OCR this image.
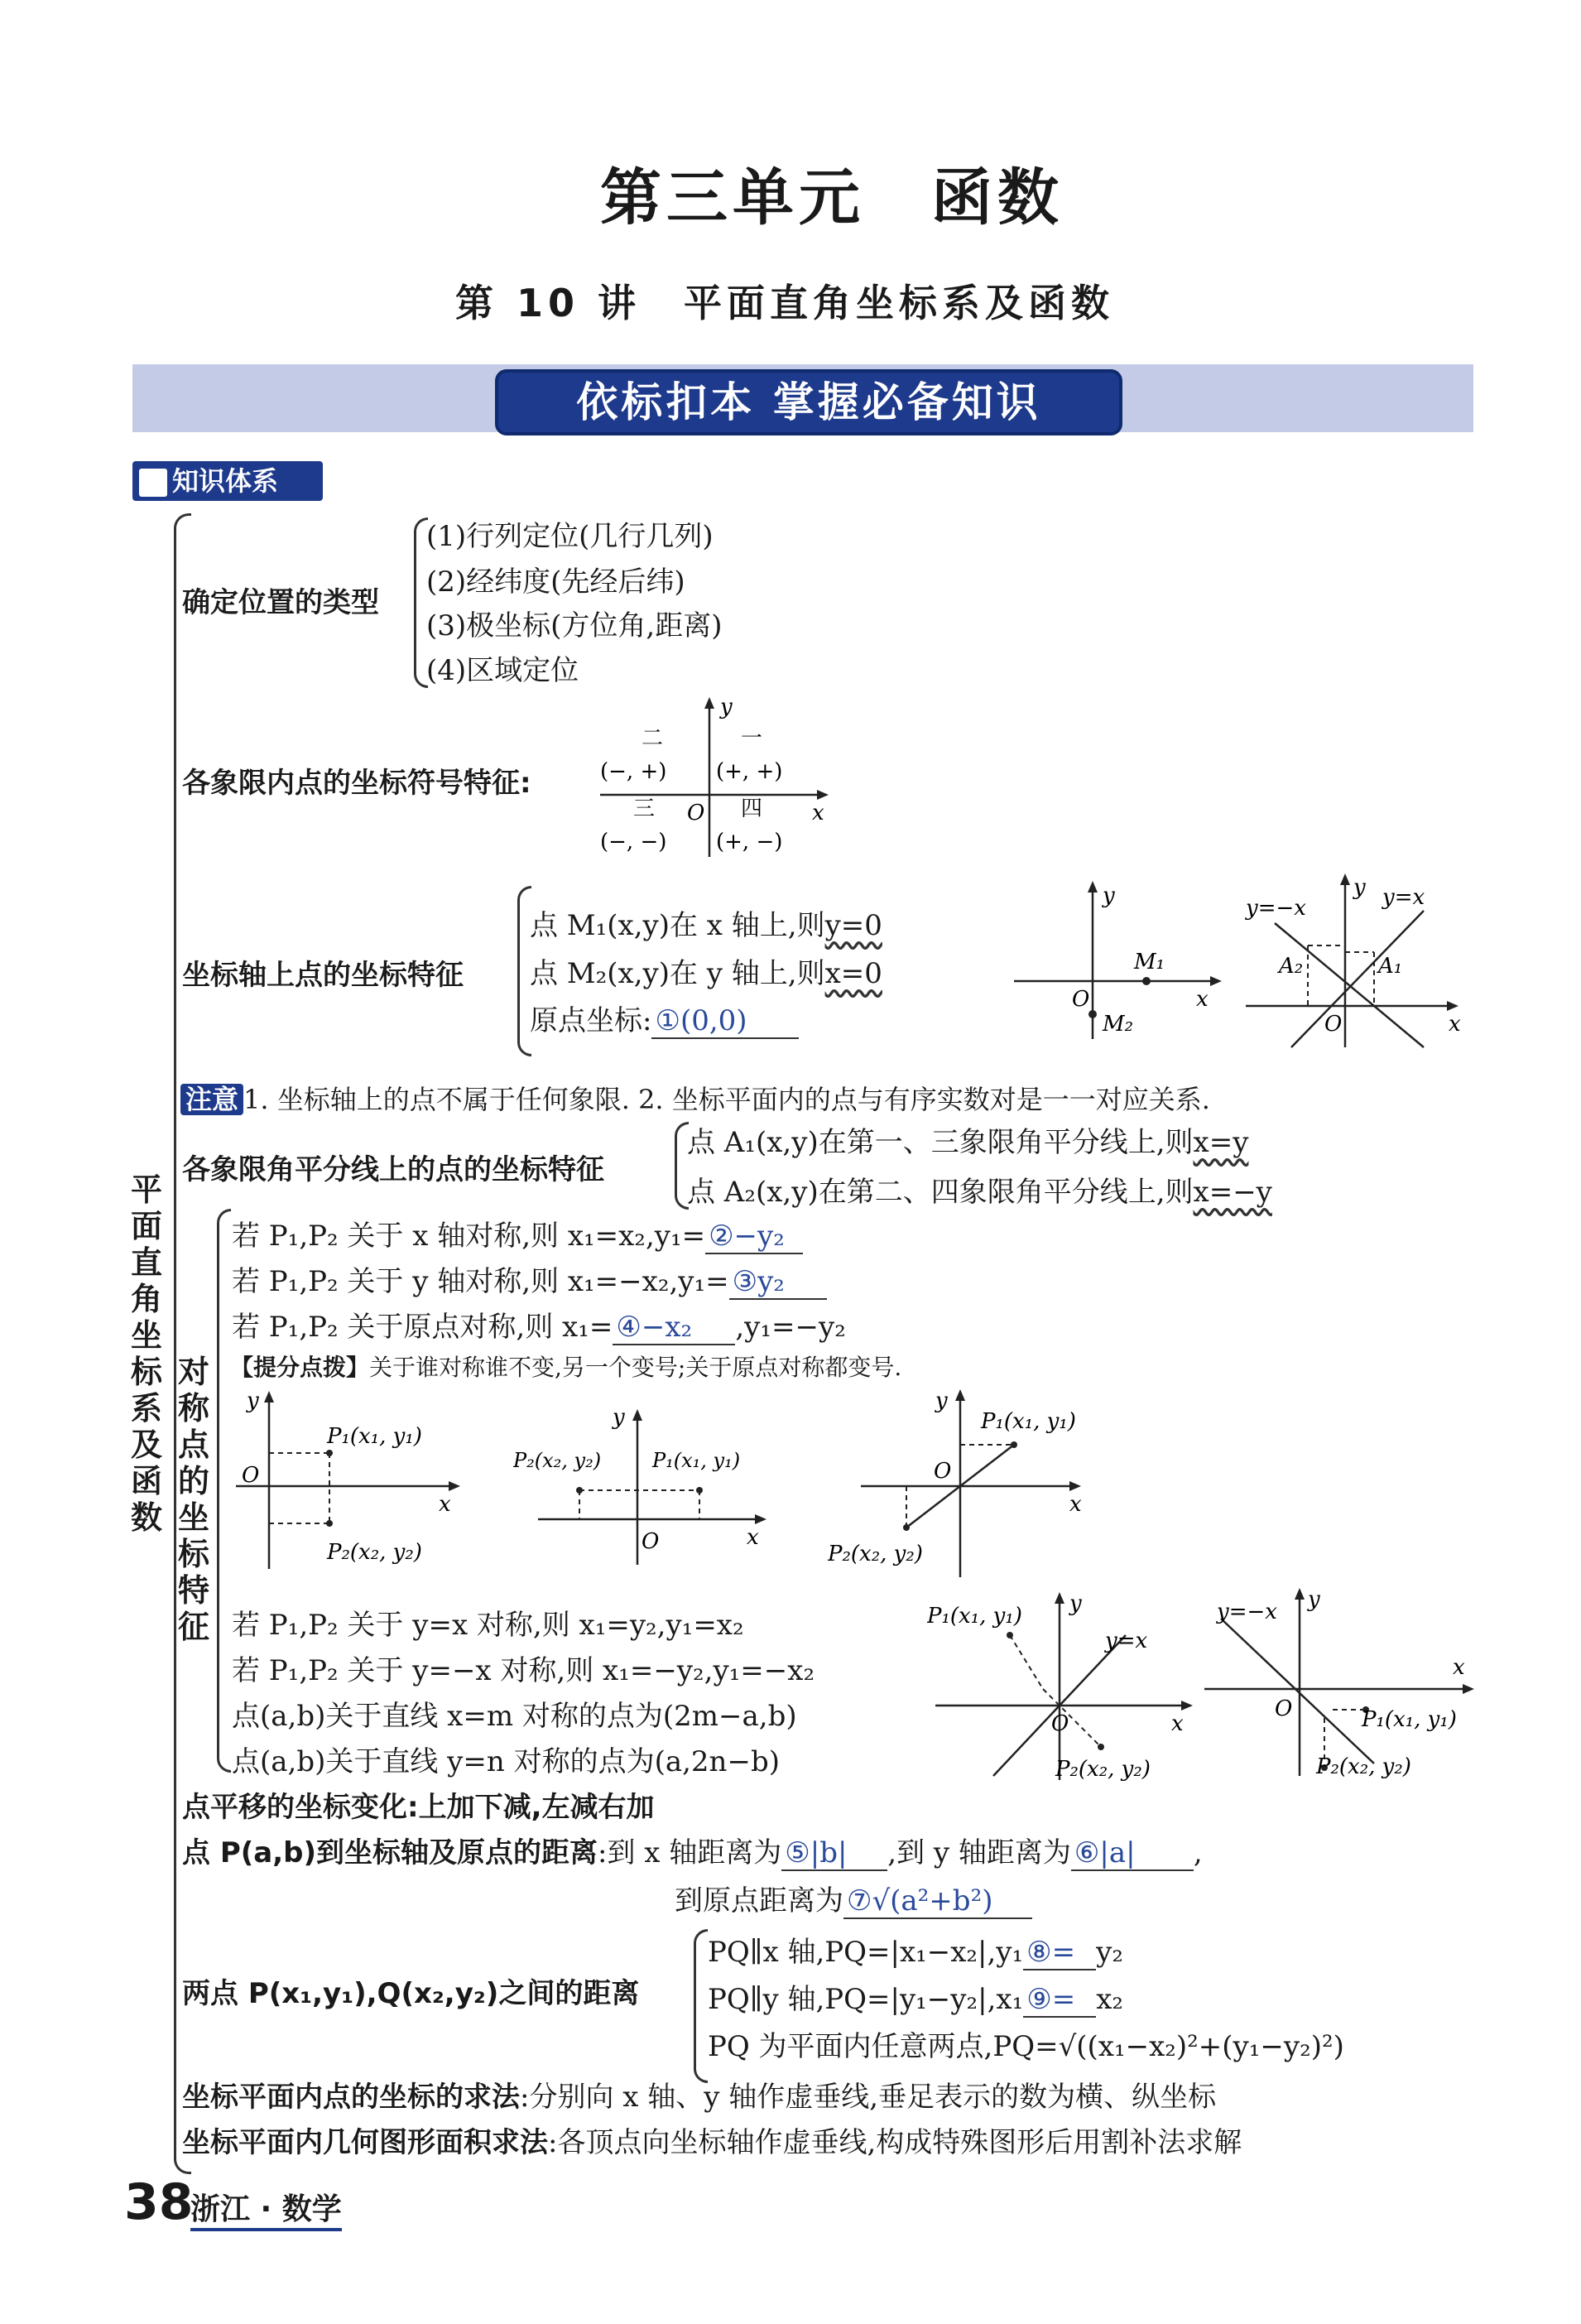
第三单元　函数
第 10 讲　平面直角坐标系及函数
依标扣本 掌握必备知识
知识体系
平面直角坐标系及函数
确定位置的类型
(1)行列定位(几行几列)
(2)经纬度(先经后纬)
(3)极坐标(方位角,距离)
(4)区域定位
各象限内点的坐标符号特征:
y
x
O
二	一
三	四
(−, +) (+, +)
(−, −) (+, −)
坐标轴上点的坐标特征
点 M₁(x,y)在 x 轴上,则y=0
点 M₂(x,y)在 y 轴上,则x=0
原点坐标: ①(0,0)
y
x
O
M₁
M₂
y
x
O
y=−x	y=x
A₁
A₂
注意 1. 坐标轴上的点不属于任何象限. 2. 坐标平面内的点与有序实数对是一一对应关系.
各象限角平分线上的点的坐标特征
点 A₁(x,y)在第一、三象限角平分线上,则x=y
点 A₂(x,y)在第二、四象限角平分线上,则x=−y
对称点的坐标特征
若 P₁,P₂ 关于 x 轴对称,则 x₁=x₂,y₁= ②−y₂
若 P₁,P₂ 关于 y 轴对称,则 x₁=−x₂,y₁= ③y₂
若 P₁,P₂ 关于原点对称,则 x₁= ④−x₂ ,y₁=−y₂
【提分点拨】关于谁对称谁不变,另一个变号;关于原点对称都变号.
y
x
O
P₁(x₁, y₁)
P₂(x₂, y₂)
y
x
O
P₂(x₂, y₂)	P₁(x₁, y₁)
y
x
O
P₁(x₁, y₁)
P₂(x₂, y₂)
若 P₁,P₂ 关于 y=x 对称,则 x₁=y₂,y₁=x₂
若 P₁,P₂ 关于 y=−x 对称,则 x₁=−y₂,y₁=−x₂
点(a,b)关于直线 x=m 对称的点为(2m−a,b)
点(a,b)关于直线 y=n 对称的点为(a,2n−b)
y
x
O
y=x
P₁(x₁, y₁)
P₂(x₂, y₂)
y
x
O
y=−x
P₁(x₁, y₁)
P₂(x₂, y₂)
点平移的坐标变化:上加下减,左减右加
点 P(a,b)到坐标轴及原点的距离:到 x 轴距离为 ⑤|b| ,到 y 轴距离为 ⑥|a| ,
到原点距离为 ⑦√(a²+b²)
两点 P(x₁,y₁),Q(x₂,y₂)之间的距离
PQ∥x 轴,PQ=|x₁−x₂|,y₁ ⑧= y₂
PQ∥y 轴,PQ=|y₁−y₂|,x₁ ⑨= x₂
PQ 为平面内任意两点,PQ=√((x₁−x₂)²+(y₁−y₂)²)
坐标平面内点的坐标的求法:分别向 x 轴、y 轴作虚垂线,垂足表示的数为横、纵坐标
坐标平面内几何图形面积求法:各顶点向坐标轴作虚垂线,构成特殊图形后用割补法求解
38
浙江 · 数学
